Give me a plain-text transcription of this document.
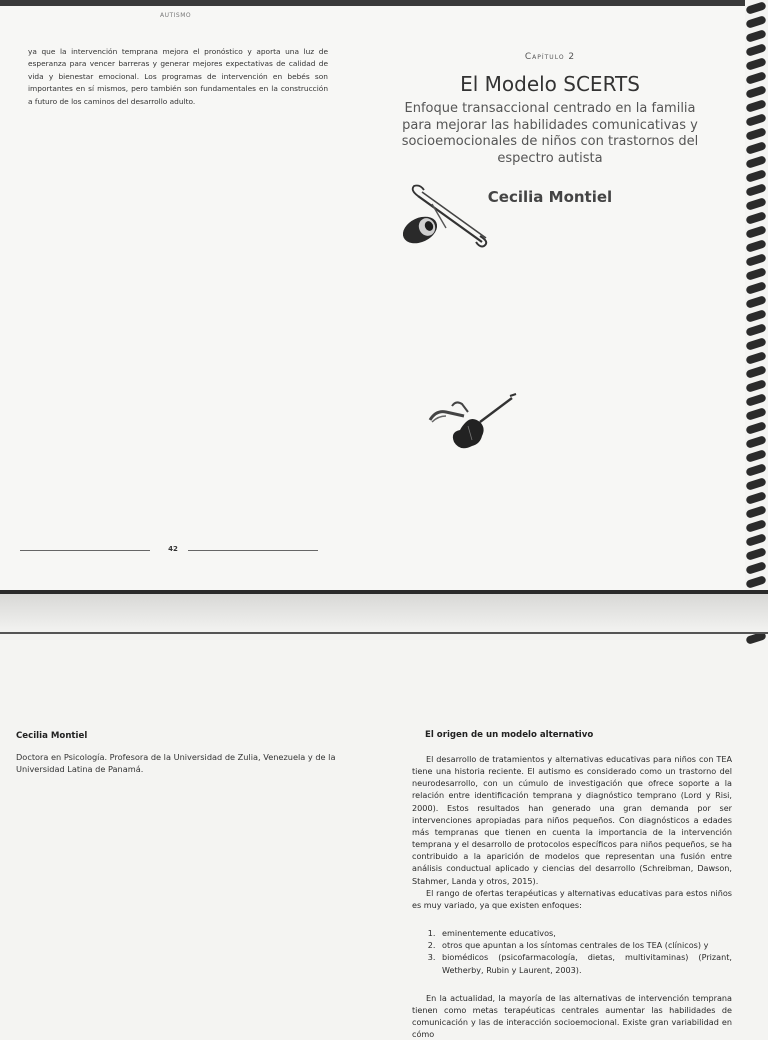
AUTISMO
ya que la intervención temprana mejora el pronóstico y aporta una luz de esperanza para vencer barreras y generar mejores expectativas de calidad de vida y bienestar emocional. Los programas de intervención en bebés son importantes en sí mismos, pero también son fundamentales en la construcción a futuro de los caminos del desarrollo adulto.
42
Capítulo 2
El Modelo SCERTS
Enfoque transaccional centrado en la familia para mejorar las habilidades comunicativas y socioemocionales de niños con trastornos del espectro autista
Cecilia Montiel
Cecilia Montiel
Doctora en Psicología. Profesora de la Universidad de Zulia, Venezuela y de la Universidad Latina de Panamá.
El origen de un modelo alternativo

El desarrollo de tratamientos y alternativas educativas para niños con TEA tiene una historia reciente. El autismo es considerado como un trastorno del neurodesarrollo, con un cúmulo de investigación que ofrece soporte a la relación entre identificación temprana y diagnóstico temprano (Lord y Risi, 2000). Estos resultados han generado una gran demanda por ser intervenciones apropiadas para niños pequeños. Con diagnósticos a edades más tempranas que tienen en cuenta la importancia de la intervención temprana y el desarrollo de protocolos específicos para niños pequeños, se ha contribuido a la aparición de modelos que representan una fusión entre análisis conductual aplicado y ciencias del desarrollo (Schreibman, Dawson, Stahmer, Landa y otros, 2015).

El rango de ofertas terapéuticas y alternativas educativas para estos niños es muy variado, ya que existen enfoques:

1. eminentemente educativos,
2. otros que apuntan a los síntomas centrales de los TEA (clínicos) y
3. biomédicos (psicofarmacología, dietas, multivitaminas) (Prizant, Wetherby, Rubin y Laurent, 2003).

En la actualidad, la mayoría de las alternativas de intervención temprana tienen como metas terapéuticas centrales aumentar las habilidades de comunicación y las de interacción socioemocional. Existe gran variabilidad en cómo
